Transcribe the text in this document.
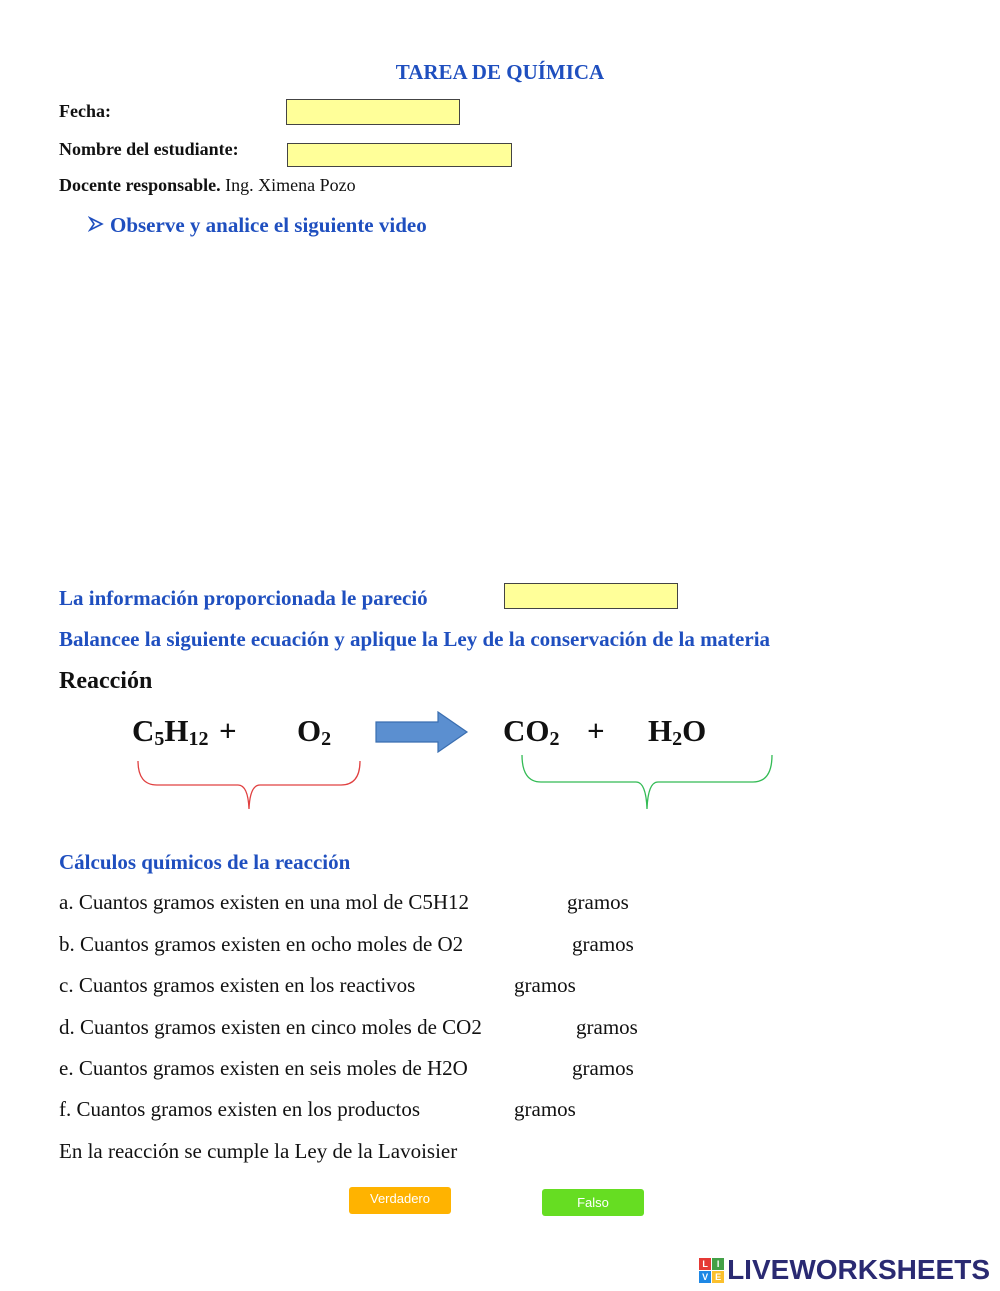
TAREA DE QUÍMICA
Fecha:
Nombre del estudiante:
Docente responsable. Ing. Ximena Pozo
Observe y analice el siguiente video
La información proporcionada le pareció
Balancee la siguiente ecuación y aplique la Ley de la conservación de la materia
Reacción
$C_5H_{12} + O_2$	$CO_2 + H_2O$
Cálculos químicos de la reacción
a. Cuantos gramos existen en una mol de C5H12	gramos
b. Cuantos gramos existen en ocho moles de O2	gramos
c. Cuantos gramos existen en los reactivos	gramos
d. Cuantos gramos existen en cinco moles de CO2	gramos
e. Cuantos gramos existen en seis moles de H2O	gramos
f. Cuantos gramos existen en los productos	gramos
En la reacción se cumple la Ley de la Lavoisier
Verdadero	Falso
L I
V E LIVEWORKSHEETS
